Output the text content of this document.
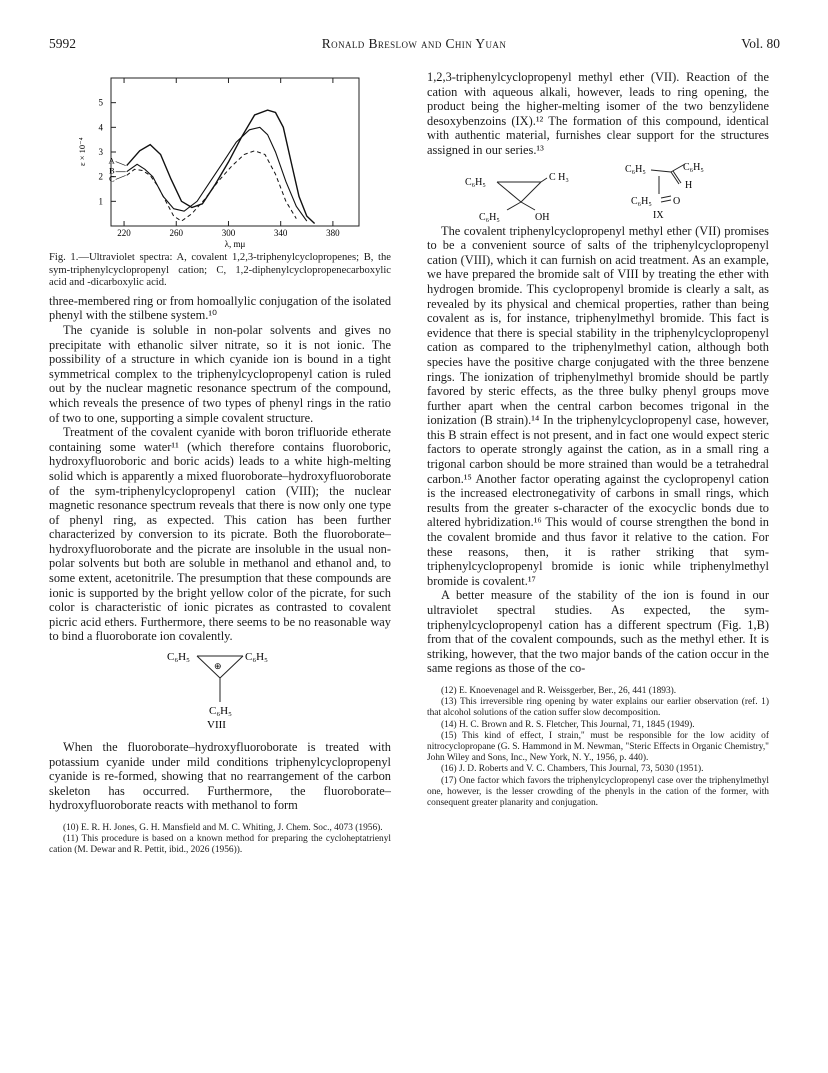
5992	Ronald Breslow and Chin Yuan	Vol. 80
220	260	300	340	380
1
2
3
4
5
A
B
C
ε × 10⁻⁴
λ, mμ

Fig. 1.—Ultraviolet spectra: A, covalent 1,2,3-triphenylcyclopropenes; B, the sym-triphenylcyclopropenyl cation; C, 1,2-diphenylcyclopropenecarboxylic acid and -dicarboxylic acid.

three-membered ring or from homoallylic conjugation of the isolated phenyl with the stilbene system.¹⁰

The cyanide is soluble in non-polar solvents and gives no precipitate with ethanolic silver nitrate, so it is not ionic. The possibility of a structure in which cyanide ion is bound in a tight symmetrical complex to the triphenylcyclopropenyl cation is ruled out by the nuclear magnetic resonance spectrum of the compound, which reveals the presence of two types of phenyl rings in the ratio of two to one, supporting a simple covalent structure.

Treatment of the covalent cyanide with boron trifluoride etherate containing some water¹¹ (which therefore contains fluoroboric, hydroxyfluoroboric and boric acids) leads to a white high-melting solid which is apparently a mixed fluoroborate–hydroxyfluoroborate of the sym-triphenylcyclopropenyl cation (VIII); the nuclear magnetic resonance spectrum reveals that there is now only one type of phenyl ring, as expected. This cation has been further characterized by conversion to its picrate. Both the fluoroborate–hydroxyfluoroborate and the picrate are insoluble in the usual non-polar solvents but both are soluble in methanol and ethanol and, to some extent, acetonitrile. The presumption that these compounds are ionic is supported by the bright yellow color of the picrate, for such color is characteristic of ionic picrates as contrasted to covalent picric acid ethers. Furthermore, there seems to be no reasonable way to bind a fluoroborate ion covalently.

C₆H₅	C₆H₅
⊕
C₆H₅
VIII

When the fluoroborate–hydroxyfluoroborate is treated with potassium cyanide under mild conditions triphenylcyclopropenyl cyanide is re-formed, showing that no rearrangement of the carbon skeleton has occurred. Furthermore, the fluoroborate–hydroxyfluoroborate reacts with methanol to form

(10) E. R. H. Jones, G. H. Mansfield and M. C. Whiting, J. Chem. Soc., 4073 (1956).

(11) This procedure is based on a known method for preparing the cycloheptatrienyl cation (M. Dewar and R. Pettit, ibid., 2026 (1956)).

1,2,3-triphenylcyclopropenyl methyl ether (VII). Reaction of the cation with aqueous alkali, however, leads to ring opening, the product being the higher-melting isomer of the two benzylidene desoxybenzoins (IX).¹² The formation of this compound, identical with authentic material, furnishes clear support for the structures assigned in our series.¹³

C₆H₅	C H₃
C₆H₅	OH
C₆H₅	C₆H₅
H
C₆H₅ O
IX

The covalent triphenylcyclopropenyl methyl ether (VII) promises to be a convenient source of salts of the triphenylcyclopropenyl cation (VIII), which it can furnish on acid treatment. As an example, we have prepared the bromide salt of VIII by treating the ether with hydrogen bromide. This cyclopropenyl bromide is clearly a salt, as revealed by its physical and chemical properties, rather than being covalent as is, for instance, triphenylmethyl bromide. This fact is evidence that there is special stability in the triphenylcyclopropenyl cation as compared to the triphenylmethyl cation, although both species have the positive charge conjugated with the three benzene rings. The ionization of triphenylmethyl bromide should be partly favored by steric effects, as the three bulky phenyl groups move further apart when the central carbon becomes trigonal in the ionization (B strain).¹⁴ In the triphenylcyclopropenyl case, however, this B strain effect is not present, and in fact one would expect steric factors to operate strongly against the cation, as in a small ring a trigonal carbon should be more strained than would be a tetrahedral carbon.¹⁵ Another factor operating against the cyclopropenyl cation is the increased electronegativity of carbons in small rings, which results from the greater s-character of the exocyclic bonds due to altered hybridization.¹⁶ This would of course strengthen the bond in the covalent bromide and thus favor it relative to the cation. For these reasons, then, it is rather striking that sym-triphenylcyclopropenyl bromide is ionic while triphenylmethyl bromide is covalent.¹⁷

A better measure of the stability of the ion is found in our ultraviolet spectral studies. As expected, the sym-triphenylcyclopropenyl cation has a different spectrum (Fig. 1,B) from that of the covalent compounds, such as the methyl ether. It is striking, however, that the two major bands of the cation occur in the same regions as those of the co-

(12) E. Knoevenagel and R. Weissgerber, Ber., 26, 441 (1893).

(13) This irreversible ring opening by water explains our earlier observation (ref. 1) that alcohol solutions of the cation suffer slow decomposition.

(14) H. C. Brown and R. S. Fletcher, This Journal, 71, 1845 (1949).

(15) This kind of effect, I strain," must be responsible for the low acidity of nitrocyclopropane (G. S. Hammond in M. Newman, "Steric Effects in Organic Chemistry," John Wiley and Sons, Inc., New York, N. Y., 1956, p. 440).

(16) J. D. Roberts and V. C. Chambers, This Journal, 73, 5030 (1951).

(17) One factor which favors the triphenylcyclopropenyl case over the triphenylmethyl one, however, is the lesser crowding of the phenyls in the cation of the former, with consequent greater planarity and conjugation.
